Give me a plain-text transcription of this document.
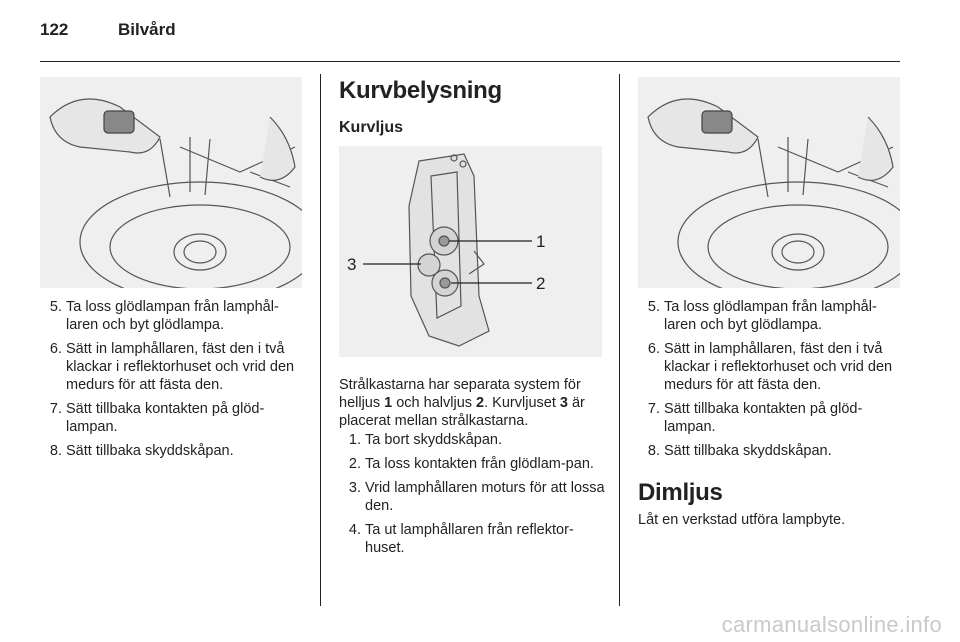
122	Bilvård
5. Ta loss glödlampan från lamphål-laren och byt glödlampa.
6. Sätt in lamphållaren, fäst den i två klackar i reflektorhuset och vrid den medurs för att fästa den.
7. Sätt tillbaka kontakten på glöd-lampan.
8. Sätt tillbaka skyddskåpan.
Kurvbelysning
Kurvljus
1
2
3
Strålkastarna har separata system för helljus 1 och halvljus 2. Kurvljuset 3 är placerat mellan strålkastarna.
1. Ta bort skyddskåpan.
2. Ta loss kontakten från glödlam-pan.
3. Vrid lamphållaren moturs för att lossa den.
4. Ta ut lamphållaren från reflektor-huset.
5. Ta loss glödlampan från lamphål-laren och byt glödlampa.
6. Sätt in lamphållaren, fäst den i två klackar i reflektorhuset och vrid den medurs för att fästa den.
7. Sätt tillbaka kontakten på glöd-lampan.
8. Sätt tillbaka skyddskåpan.
Dimljus
Låt en verkstad utföra lampbyte.
carmanualsonline.info
